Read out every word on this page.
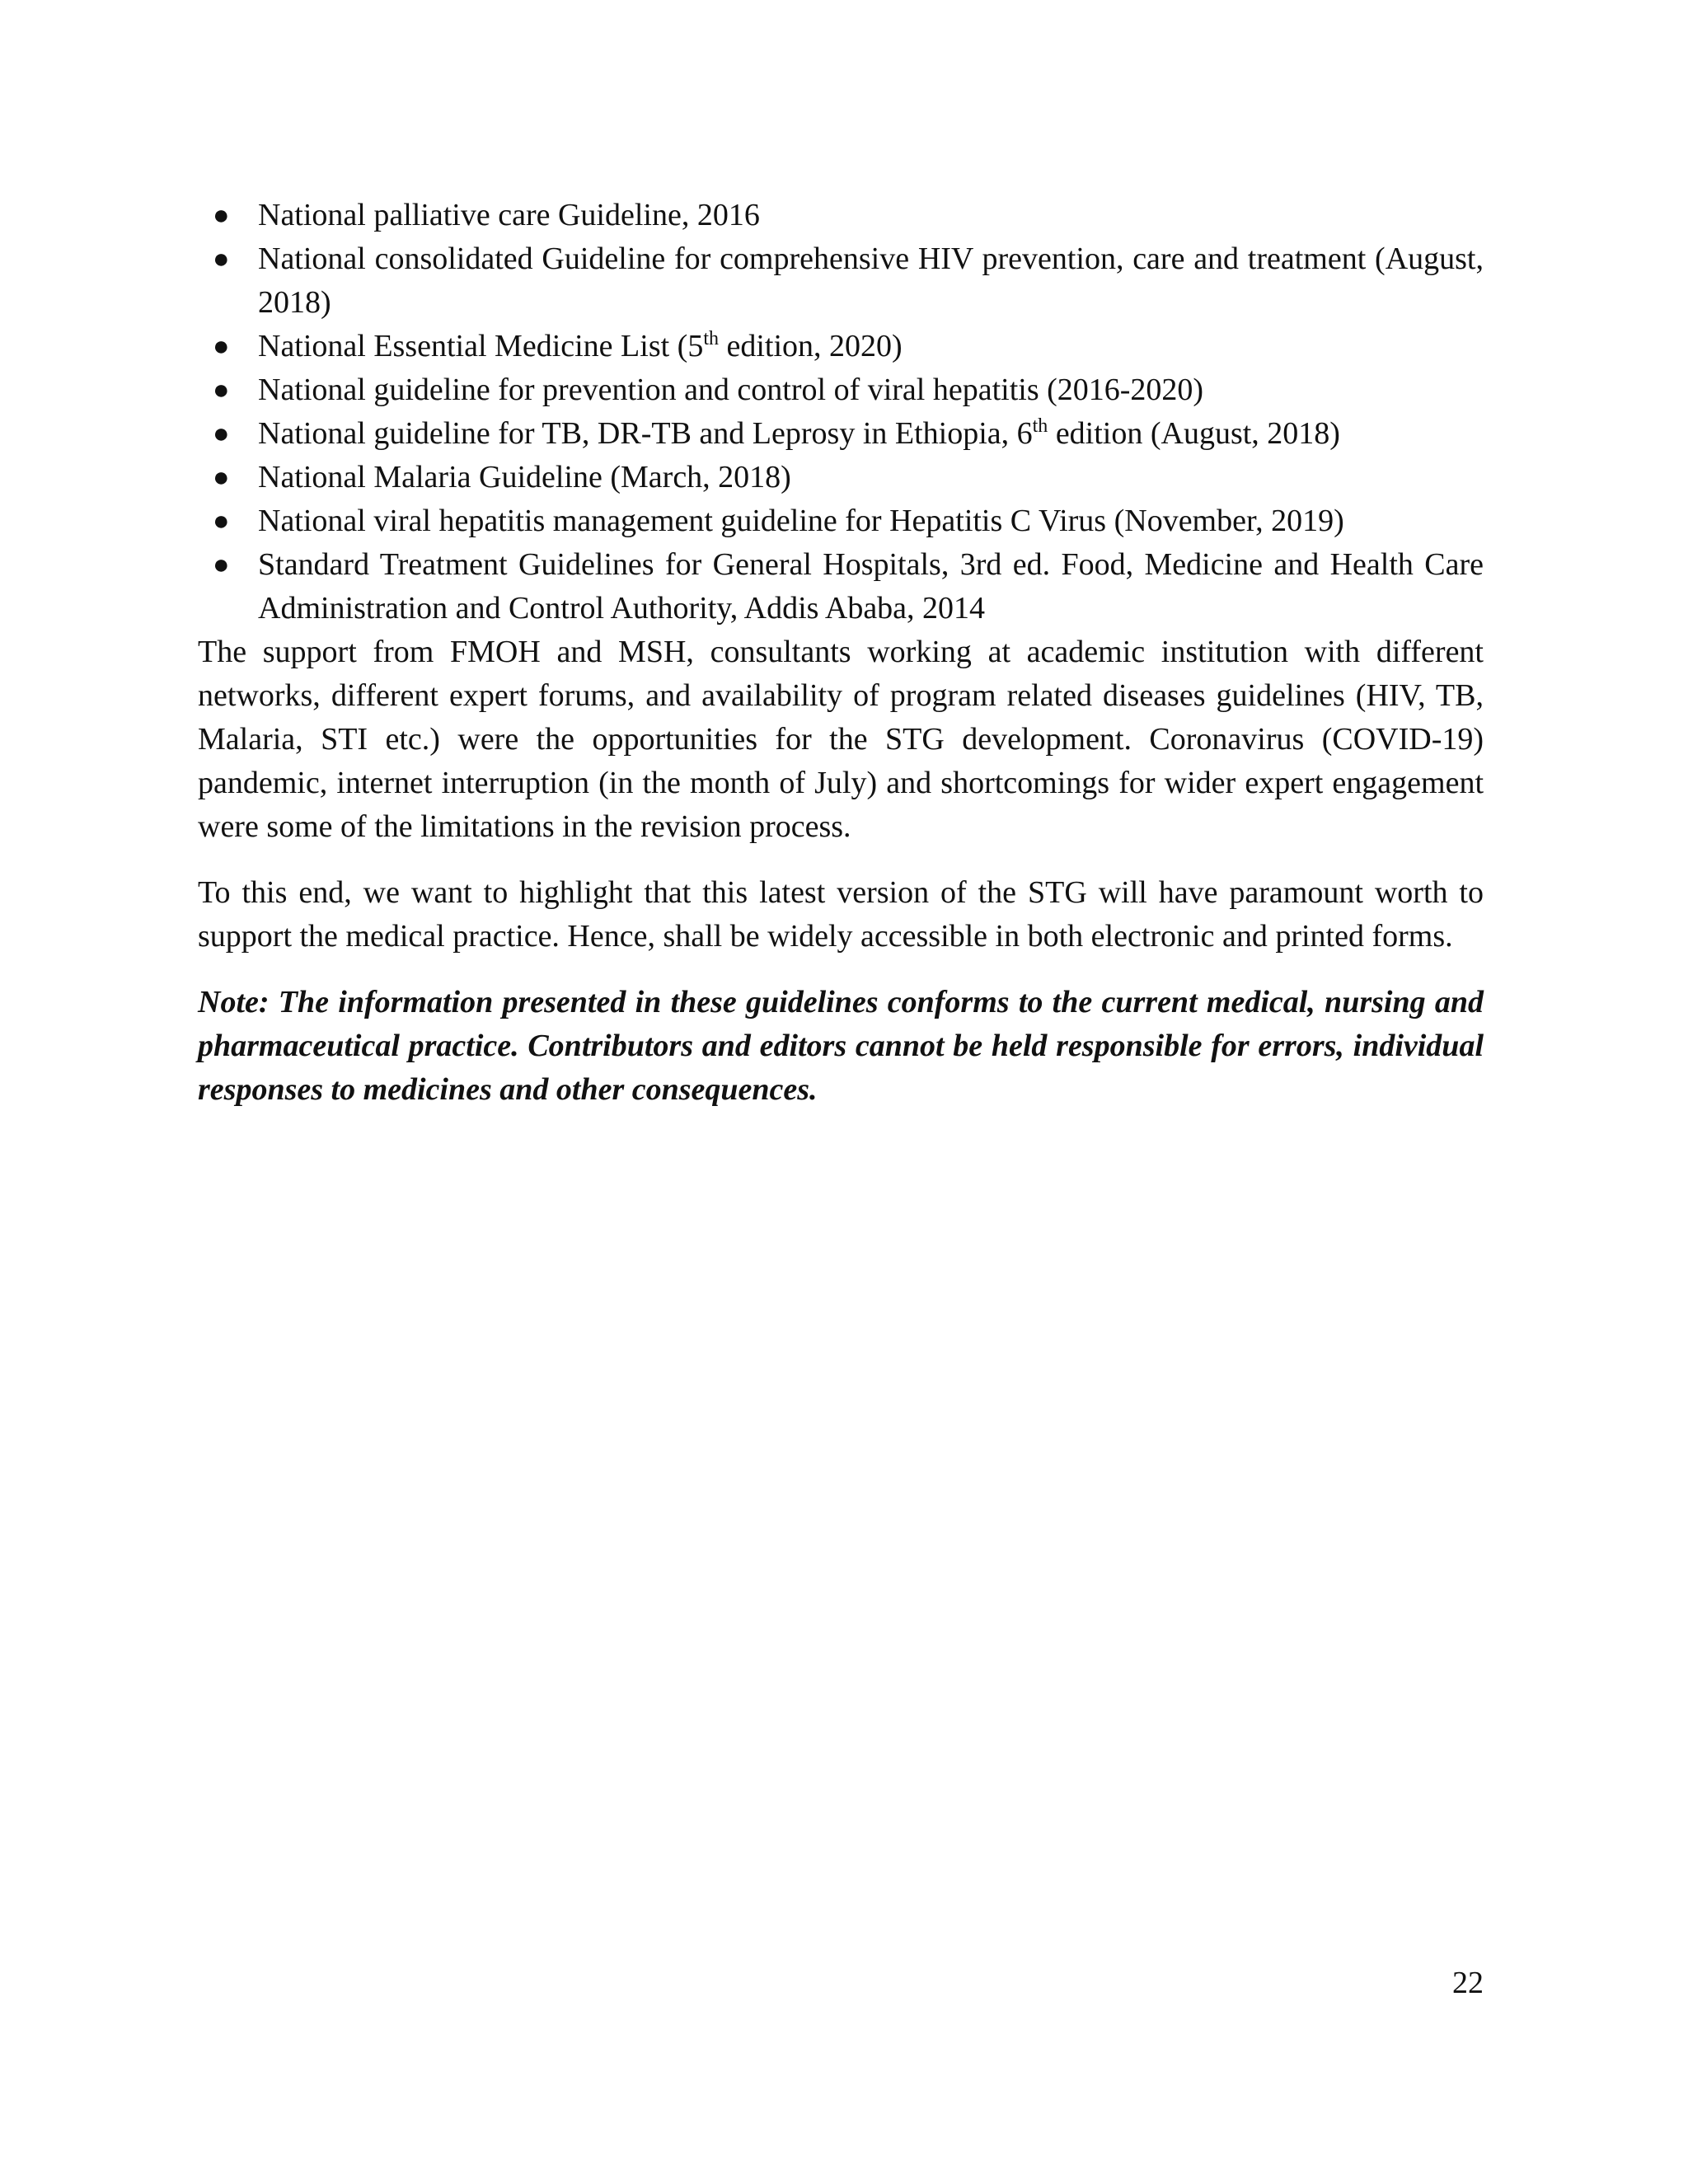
● National palliative care Guideline, 2016
● National consolidated Guideline for comprehensive HIV prevention, care and treatment (August, 2018)
● National Essential Medicine List (5th edition, 2020)
● National guideline for prevention and control of viral hepatitis (2016-2020)
● National guideline for TB, DR-TB and Leprosy in Ethiopia, 6th edition (August, 2018)
● National Malaria Guideline (March, 2018)
● National viral hepatitis management guideline for Hepatitis C Virus (November, 2019)
● Standard Treatment Guidelines for General Hospitals, 3rd ed. Food, Medicine and Health Care Administration and Control Authority, Addis Ababa, 2014

The support from FMOH and MSH, consultants working at academic institution with different networks, different expert forums, and availability of program related diseases guidelines (HIV, TB, Malaria, STI etc.) were the opportunities for the STG development. Coronavirus (COVID-19) pandemic, internet interruption (in the month of July) and shortcomings for wider expert engagement were some of the limitations in the revision process.

To this end, we want to highlight that this latest version of the STG will have paramount worth to support the medical practice. Hence, shall be widely accessible in both electronic and printed forms.

Note: The information presented in these guidelines conforms to the current medical, nursing and pharmaceutical practice. Contributors and editors cannot be held responsible for errors, individual responses to medicines and other consequences.

22
